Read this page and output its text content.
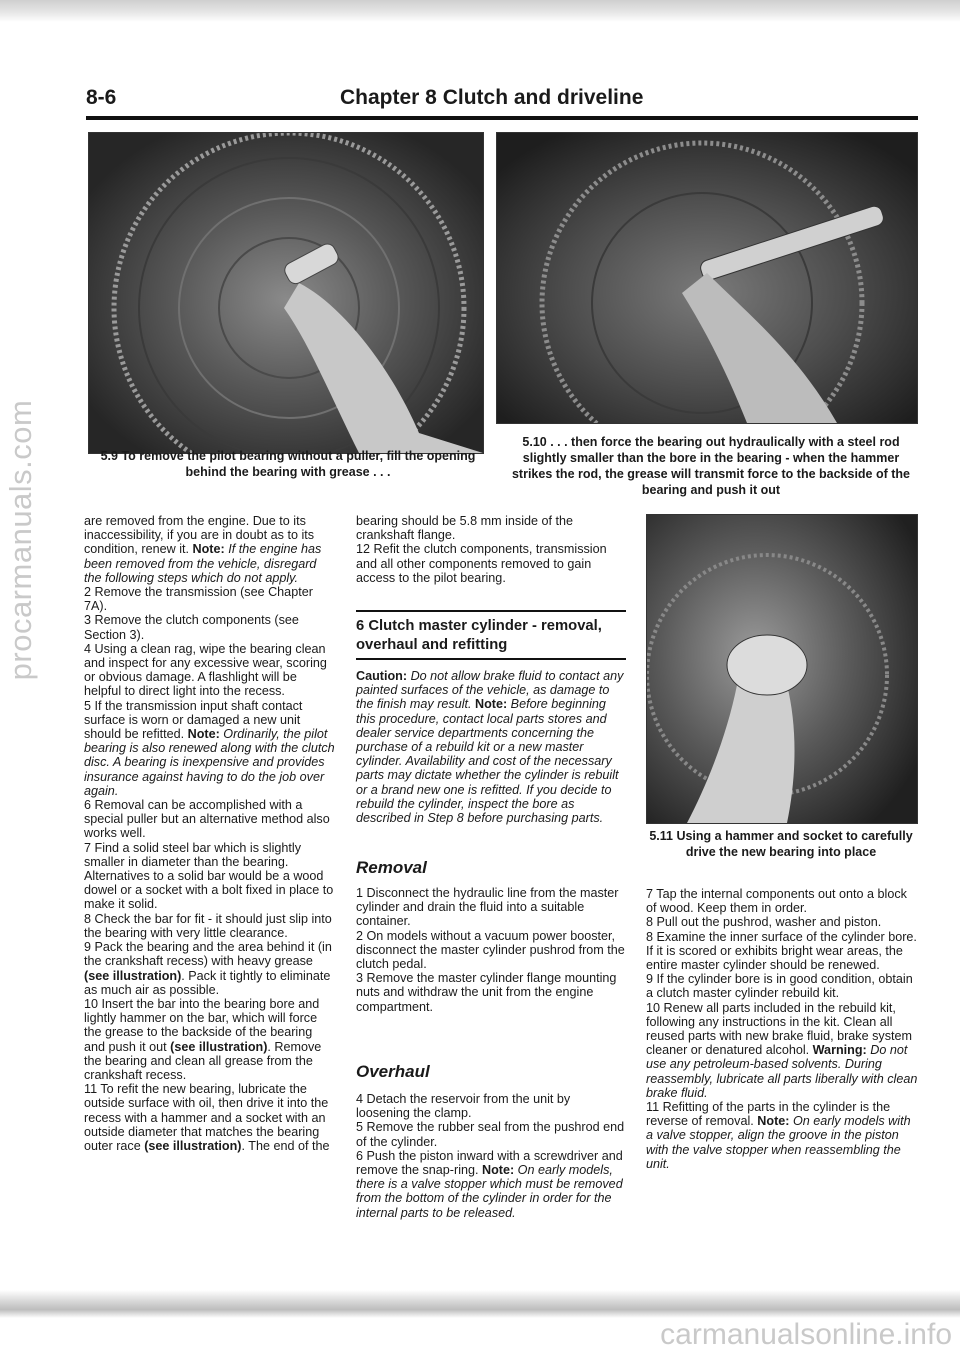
procarmanuals.com
8-6	Chapter 8 Clutch and driveline
5.9 To remove the pilot bearing without a puller, fill the opening behind the bearing with grease . . .
5.10 . . . then force the bearing out hydraulically with a steel rod slightly smaller than the bore in the bearing - when the hammer strikes the rod, the grease will transmit force to the backside of the bearing and push it out

are removed from the engine. Due to its inaccessibility, if you are in doubt as to its condition, renew it. Note: If the engine has been removed from the vehicle, disregard the following steps which do not apply.

2 Remove the transmission (see Chapter 7A).

3 Remove the clutch components (see Section 3).

4 Using a clean rag, wipe the bearing clean and inspect for any excessive wear, scoring or obvious damage. A flashlight will be helpful to direct light into the recess.

5 If the transmission input shaft contact surface is worn or damaged a new unit should be refitted. Note: Ordinarily, the pilot bearing is also renewed along with the clutch disc. A bearing is inexpensive and provides insurance against having to do the job over again.

6 Removal can be accomplished with a special puller but an alternative method also works well.

7 Find a solid steel bar which is slightly smaller in diameter than the bearing. Alternatives to a solid bar would be a wood dowel or a socket with a bolt fixed in place to make it solid.

8 Check the bar for fit - it should just slip into the bearing with very little clearance.

9 Pack the bearing and the area behind it (in the crankshaft recess) with heavy grease (see illustration). Pack it tightly to eliminate as much air as possible.

10 Insert the bar into the bearing bore and lightly hammer on the bar, which will force the grease to the backside of the bearing and push it out (see illustration). Remove the bearing and clean all grease from the crankshaft recess.

11 To refit the new bearing, lubricate the outside surface with oil, then drive it into the recess with a hammer and a socket with an outside diameter that matches the bearing outer race (see illustration). The end of the

bearing should be 5.8 mm inside of the crankshaft flange.

12 Refit the clutch components, transmission and all other components removed to gain access to the pilot bearing.

6 Clutch master cylinder - removal, overhaul and refitting

Caution: Do not allow brake fluid to contact any painted surfaces of the vehicle, as damage to the finish may result. Note: Before beginning this procedure, contact local parts stores and dealer service departments concerning the purchase of a rebuild kit or a new master cylinder. Availability and cost of the necessary parts may dictate whether the cylinder is rebuilt or a brand new one is refitted. If you decide to rebuild the cylinder, inspect the bore as described in Step 8 before purchasing parts.

Removal

1 Disconnect the hydraulic line from the master cylinder and drain the fluid into a suitable container.

2 On models without a vacuum power booster, disconnect the master cylinder pushrod from the clutch pedal.

3 Remove the master cylinder flange mounting nuts and withdraw the unit from the engine compartment.

Overhaul

4 Detach the reservoir from the unit by loosening the clamp.

5 Remove the rubber seal from the pushrod end of the cylinder.

6 Push the piston inward with a screwdriver and remove the snap-ring. Note: On early models, there is a valve stopper which must be removed from the bottom of the cylinder in order for the internal parts to be released.

5.11 Using a hammer and socket to carefully drive the new bearing into place

7 Tap the internal components out onto a block of wood. Keep them in order.

8 Pull out the pushrod, washer and piston.

8 Examine the inner surface of the cylinder bore. If it is scored or exhibits bright wear areas, the entire master cylinder should be renewed.

9 If the cylinder bore is in good condition, obtain a clutch master cylinder rebuild kit.

10 Renew all parts included in the rebuild kit, following any instructions in the kit. Clean all reused parts with new brake fluid, brake system cleaner or denatured alcohol. Warning: Do not use any petroleum-based solvents. During reassembly, lubricate all parts liberally with clean brake fluid.

11 Refitting of the parts in the cylinder is the reverse of removal. Note: On early models with a valve stopper, align the groove in the piston with the valve stopper when reassembling the unit.

carmanualsonline.info
